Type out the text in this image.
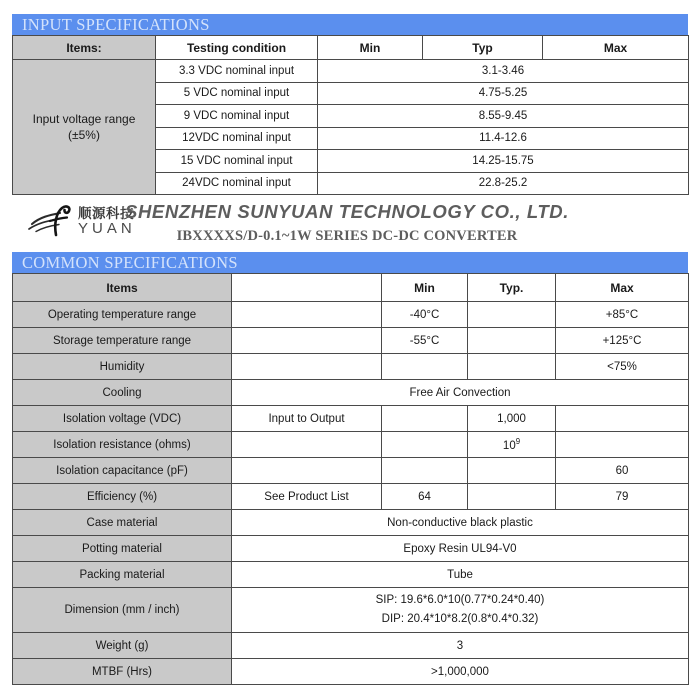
INPUT SPECIFICATIONS
Items:	Testing condition	Min	Typ	Max

Input voltage range
(±5%)	3.3 VDC nominal input	3.1-3.46		
	5 VDC nominal input	4.75-5.25		
	9 VDC nominal input	8.55-9.45		
	12VDC nominal input	11.4-12.6		
	15 VDC nominal input	14.25-15.75		
	24VDC nominal input	22.8-25.2		
顺源科技
YUAN
SHENZHEN SUNYUAN TECHNOLOGY CO., LTD.
IBXXXXS/D-0.1~1W SERIES DC-DC CONVERTER
COMMON SPECIFICATIONS
Items		Min	Typ.	Max
Operating temperature range		-40°C		+85°C
Storage temperature range		-55°C		+125°C
Humidity				<75%
Cooling	Free Air Convection			
Isolation voltage (VDC)	Input to Output		1,000	
Isolation resistance (ohms)			$10^9$	
Isolation capacitance (pF)				60
Efficiency (%)	See Product List	64		79
Case material	Non-conductive black plastic			
Potting material	Epoxy Resin UL94-V0			
Packing material	Tube			
Dimension (mm / inch)	SIP: 19.6*6.0*10(0.77*0.24*0.40)
DIP: 20.4*10*8.2(0.8*0.4*0.32)			

Weight (g)	3			
MTBF (Hrs)	>1,000,000			
